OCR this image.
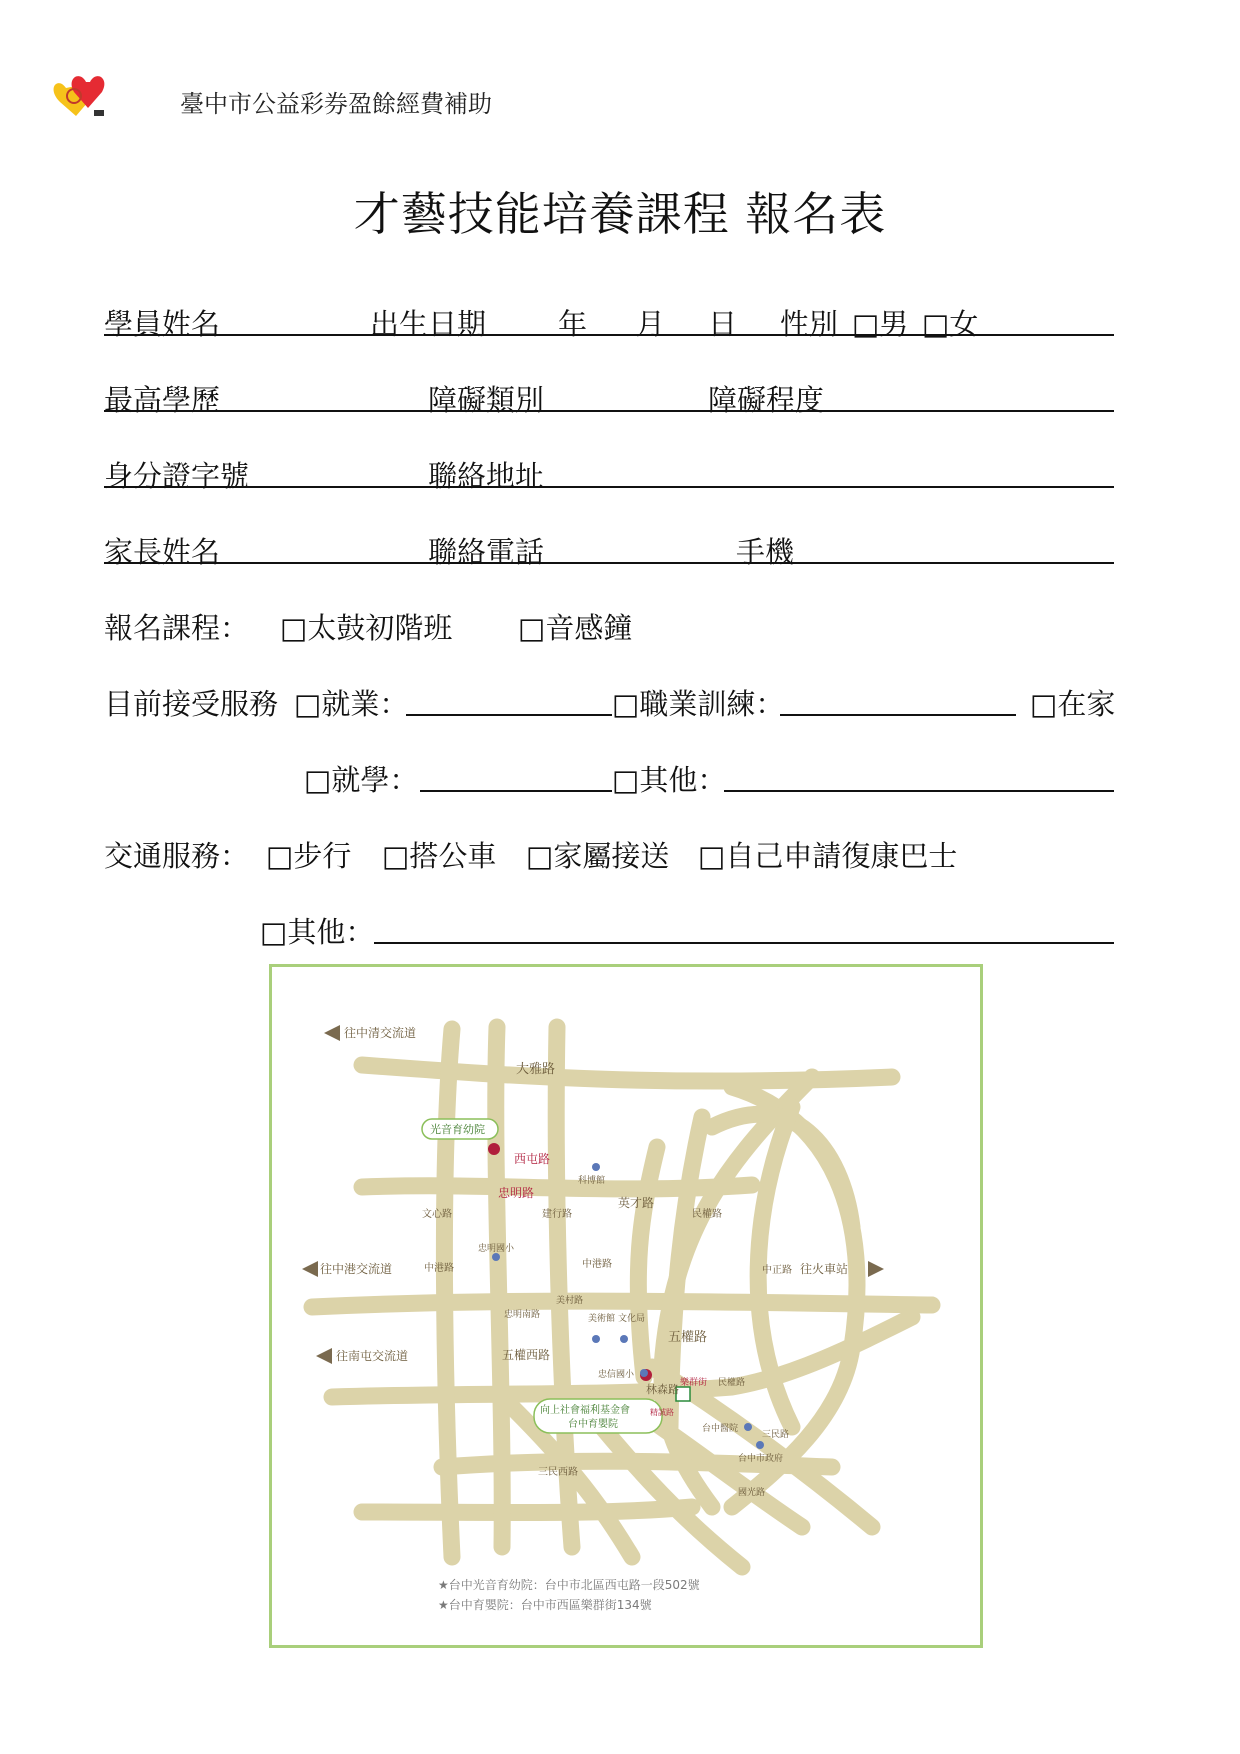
臺中市公益彩券盈餘經費補助
才藝技能培養課程 報名表
學員姓名	出生日期 年 月 日 性別 □男 □女
最高學歷	障礙類別	障礙程度
身分證字號	聯絡地址
家長姓名	聯絡電話	手機
報名課程： □太鼓初階班 □音感鐘
目前接受服務 □就業：	□職業訓練：	□在家
□就學：	□其他：
交通服務： □步行 □搭公車 □家屬接送 □自己申請復康巴士
□其他：
往中清交流道
往中港交流道
往南屯交流道
往火車站
大雅路
西屯路
忠明路
文心路	建行路
英才路
民權路
中港路	中港路
中正路
忠明南路
美村路
五權西路
五權路
林森路 樂群街 民權路
三民路
三民西路
國光路
精誠路
科博館
忠明國小
美術館 文化局
忠信國小
台中醫院
台中市政府
光音育幼院
向上社會福利基金會
台中育嬰院
★台中光音育幼院：台中市北區西屯路一段502號
★台中育嬰院：台中市西區樂群街134號
